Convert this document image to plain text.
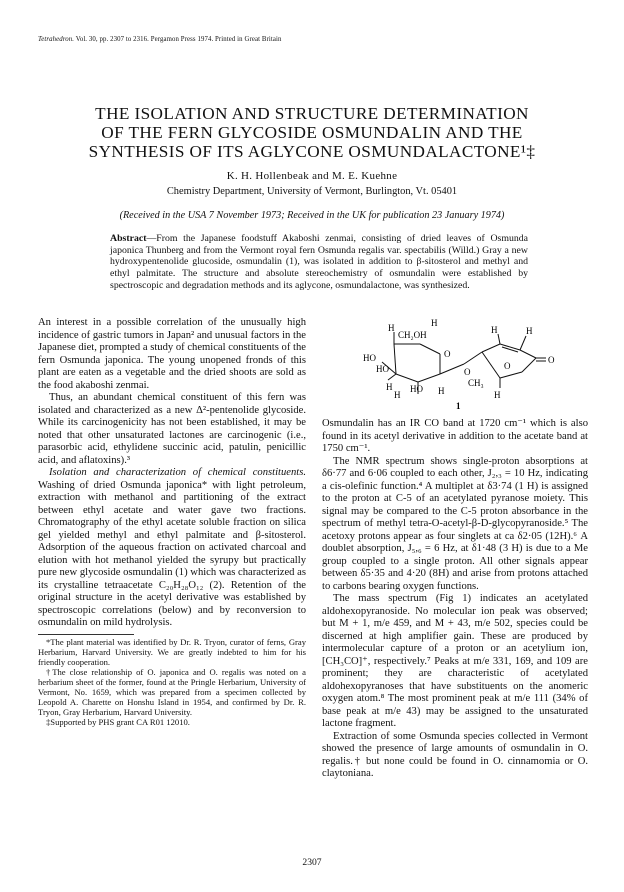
Tetrahedron. Vol. 30, pp. 2307 to 2316. Pergamon Press 1974. Printed in Great Britain
THE ISOLATION AND STRUCTURE DETERMINATION
OF THE FERN GLYCOSIDE OSMUNDALIN AND THE
SYNTHESIS OF ITS AGLYCONE OSMUNDALACTONE¹‡
K. H. Hollenbeak and M. E. Kuehne
Chemistry Department, University of Vermont, Burlington, Vt. 05401
(Received in the USA 7 November 1973; Received in the UK for publication 23 January 1974)

Abstract—From the Japanese foodstuff Akaboshi zenmai, consisting of dried leaves of Osmunda japonica Thunberg and from the Vermont royal fern Osmunda regalis var. spectabilis (Willd.) Gray a new hydroxypentenolide glucoside, osmundalin (1), was isolated in addition to β-sitosterol and methyl and ethyl palmitate. The structure and absolute stereochemistry of osmundalin were established by spectroscopic and degradation methods and its aglycone, osmundalactone, was synthesized.

An interest in a possible correlation of the unusually high incidence of gastric tumors in Japan² and unusual factors in the Japanese diet, prompted a study of chemical constituents of the fern Osmunda japonica. The young unopened fronds of this plant are eaten as a vegetable and the dried shoots are sold as the food akaboshi zenmai.

Thus, an abundant chemical constituent of this fern was isolated and characterized as a new Δ²-pentenolide glycoside. While its carcinogenicity has not been established, it may be noted that other unsaturated lactones are carcinogenic (i.e., parasorbic acid, ethylidene succinic acid, patulin, penicillic acid, and aflatoxins).³

Isolation and characterization of chemical constituents. Washing of dried Osmunda japonica* with light petroleum, extraction with methanol and partitioning of the extract between ethyl acetate and water gave two fractions. Chromatography of the ethyl acetate soluble fraction on silica gel yielded methyl and ethyl palmitate and β-sitosterol. Adsorption of the aqueous fraction on activated charcoal and elution with hot methanol yielded the syrupy but practically pure new glycoside osmundalin (1) which was characterized as its crystalline tetraacetate C₂₀H₂₈O₁₂ (2). Retention of the original structure in the acetyl derivative was established by spectroscopic correlations (below) and by reconversion to osmundalin on mild hydrolysis.

*The plant material was identified by Dr. R. Tryon, curator of ferns, Gray Herbarium, Harvard University. We are greatly indebted to him for his friendly cooperation.

†The close relationship of O. japonica and O. regalis was noted on a herbarium sheet of the former, found at the Pringle Herbarium, University of Vermont, No. 1659, which was prepared from a specimen collected by Leopold A. Charette on Honshu Island in 1954, and confirmed by Dr. R. Tryon, Gray Herbarium, Harvard University.

‡Supported by PHS grant CA R01 12010.

H
H
CH₂OH
HO
HO
O
H
H
HO H
O
H	H
O
O
CH₃
H
1

Osmundalin has an IR CO band at 1720 cm⁻¹ which is also found in its acetyl derivative in addition to the acetate band at 1750 cm⁻¹.

The NMR spectrum shows single-proton absorptions at δ6·77 and 6·06 coupled to each other, J₂,₃ = 10 Hz, indicating a cis-olefinic function.⁴ A multiplet at δ3·74 (1 H) is assigned to the proton at C-5 of an acetylated pyranose moiety. This signal may be compared to the C-5 proton absorbance in the spectrum of methyl tetra-O-acetyl-β-D-glycopyranoside.⁵ The acetoxy protons appear as four singlets at ca δ2·05 (12H).⁶ A doublet absorption, J₅,₆ = 6 Hz, at δ1·48 (3 H) is due to a Me group coupled to a single proton. All other signals appear between δ5·35 and 4·20 (8H) and arise from protons attached to carbons bearing oxygen functions.

The mass spectrum (Fig 1) indicates an acetylated aldohexopyranoside. No molecular ion peak was observed; but M + 1, m/e 459, and M + 43, m/e 502, species could be discerned at high amplifier gain. These are produced by intermolecular capture of a proton or an acetylium ion, [CH₃CO]⁺, respectively.⁷ Peaks at m/e 331, 169, and 109 are prominent; they are characteristic of acetylated aldohexopyranoses that have substituents on the anomeric oxygen atom.⁸ The most prominent peak at m/e 111 (34% of base peak at m/e 43) may be assigned to the unsaturated lactone fragment.

Extraction of some Osmunda species collected in Vermont showed the presence of large amounts of osmundalin in O. regalis.† but none could be found in O. cinnamomia or O. claytoniana.

2307
